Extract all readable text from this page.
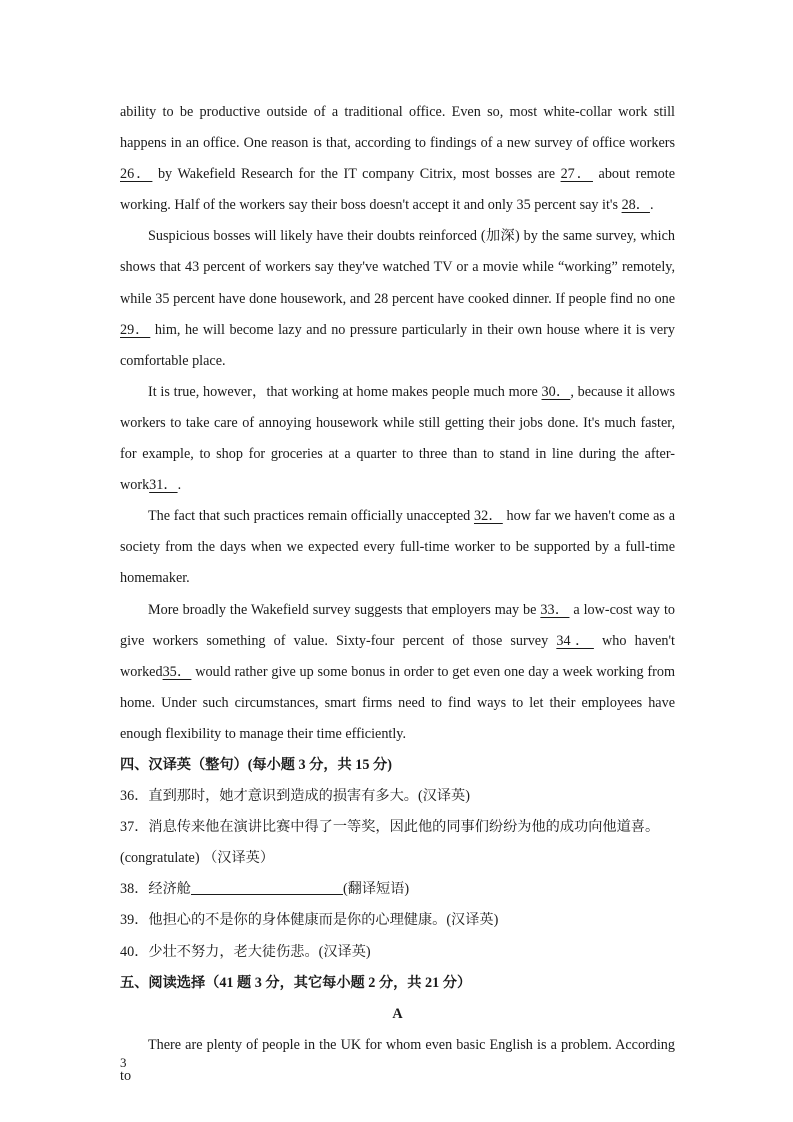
ability to be productive outside of a traditional office. Even so, most white-collar work still happens in an office. One reason is that, according to findings of a new survey of office workers 26． by Wakefield Research for the IT company Citrix, most bosses are 27． about remote working. Half of the workers say their boss doesn't accept it and only 35 percent say it's 28．.

Suspicious bosses will likely have their doubts reinforced (加深) by the same survey, which shows that 43 percent of workers say they've watched TV or a movie while “working” remotely, while 35 percent have done housework, and 28 percent have cooked dinner. If people find no one 29． him, he will become lazy and no pressure particularly in their own house where it is very comfortable place.

It is true, however，that working at home makes people much more 30．, because it allows workers to take care of annoying housework while still getting their jobs done. It's much faster, for example, to shop for groceries at a quarter to three than to stand in line during the after-work31．.

The fact that such practices remain officially unaccepted 32． how far we haven't come as a society from the days when we expected every full-time worker to be supported by a full-time homemaker.

More broadly the Wakefield survey suggests that employers may be 33． a low-cost way to give workers something of value. Sixty-four percent of those survey 34． who haven't worked35． would rather give up some bonus in order to get even one day a week working from home. Under such circumstances, smart firms need to find ways to let their employees have enough flexibility to manage their time efficiently.

四、汉译英（整句）(每小题 3 分，共 15 分)

36．直到那时，她才意识到造成的损害有多大。(汉译英)

37．消息传来他在演讲比赛中得了一等奖，因此他的同事们纷纷为他的成功向他道喜。

(congratulate) （汉译英）

38．经济舱	(翻译短语)

39．他担心的不是你的身体健康而是你的心理健康。(汉译英)

40．少壮不努力，老大徒伤悲。(汉译英)

五、阅读选择（41 题 3 分，其它每小题 2 分，共 21 分）

A

There are plenty of people in the UK for whom even basic English is a problem. According to

3
